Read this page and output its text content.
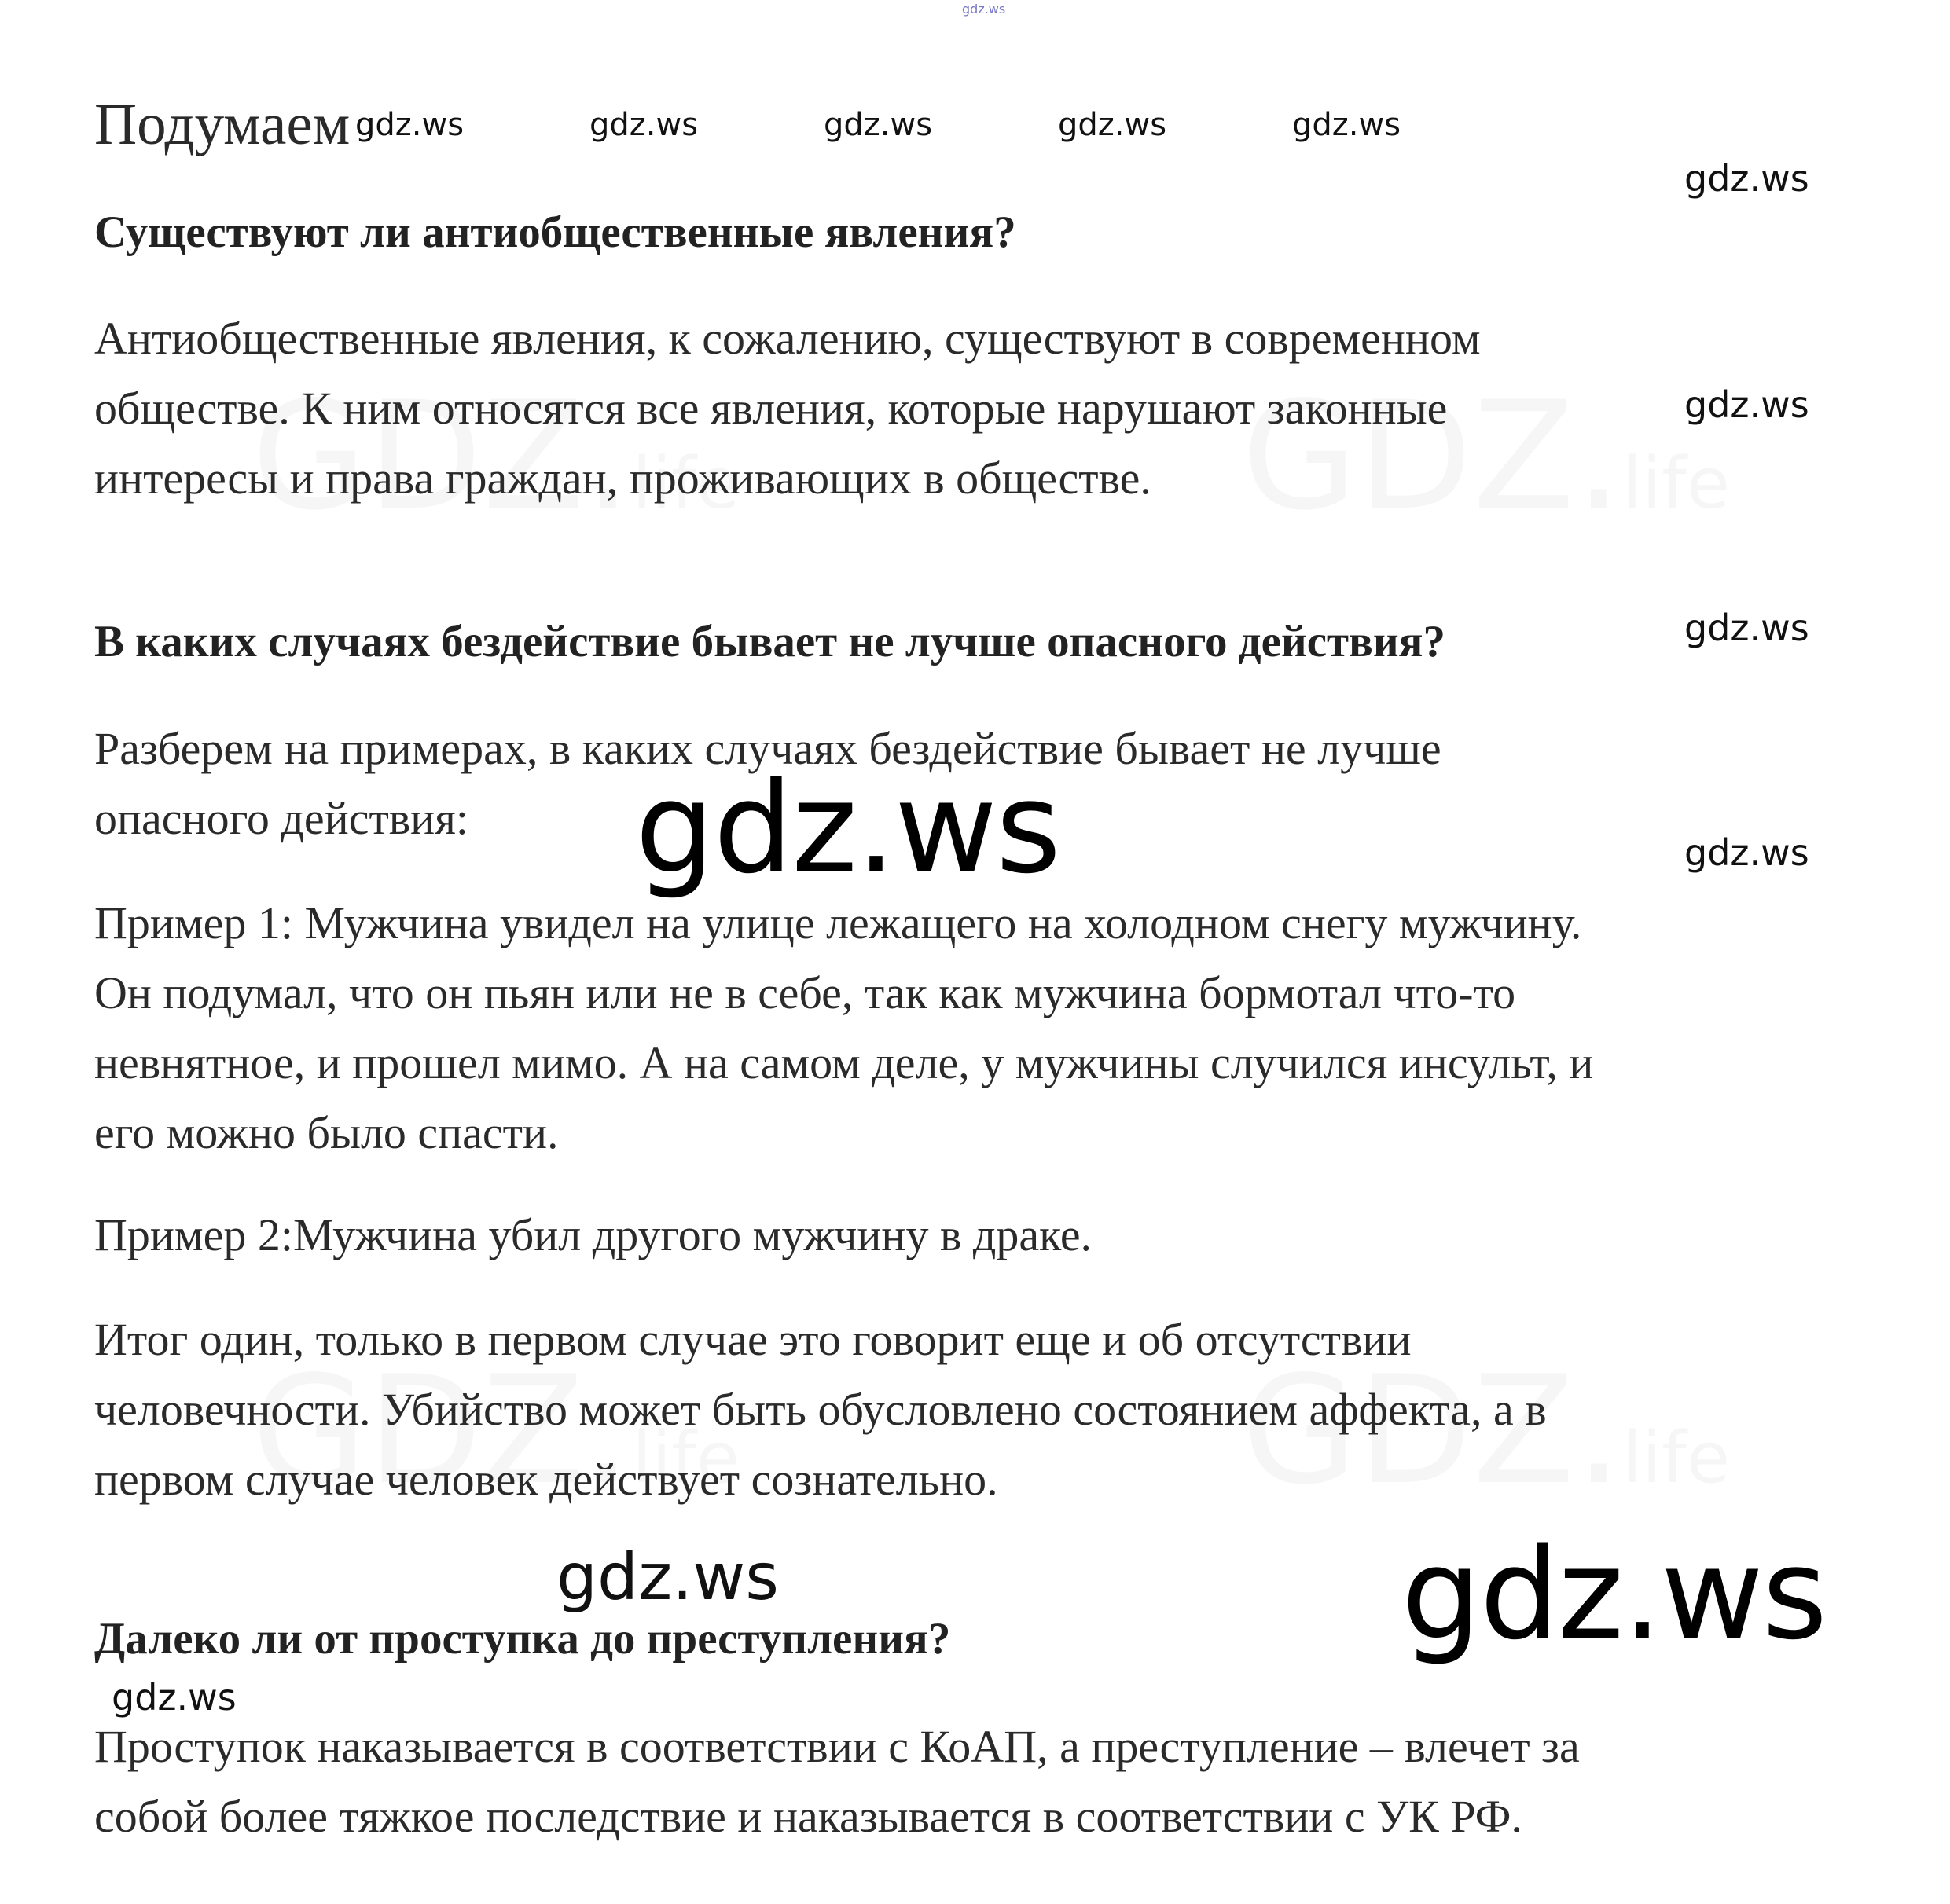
gdz.ws
Подумаем
Существуют ли антиобщественные явления?

Антиобщественные явления, к сожалению, существуют в современном
обществе. К ним относятся все явления, которые нарушают законные
интересы и права граждан, проживающих в обществе.

В каких случаях бездействие бывает не лучше опасного действия?

Разберем на примерах, в каких случаях бездействие бывает не лучше
опасного действия:

Пример 1: Мужчина увидел на улице лежащего на холодном снегу мужчину.
Он подумал, что он пьян или не в себе, так как мужчина бормотал что-то
невнятное, и прошел мимо. А на самом деле, у мужчины случился инсульт, и
его можно было спасти.

Пример 2:Мужчина убил другого мужчину в драке.

Итог один, только в первом случае это говорит еще и об отсутствии
человечности. Убийство может быть обусловлено состоянием аффекта, а в
первом случае человек действует сознательно.

Далеко ли от проступка до преступления?

Проступок наказывается в соответствии с КоАП, а преступление – влечет за
собой более тяжкое последствие и наказывается в соответствии с УК РФ.

gdz.ws	gdz.ws	gdz.ws	gdz.ws	gdz.ws
gdz.ws
gdz.ws
gdz.ws
gdz.ws
gdz.ws
gdz.ws
gdz.ws
gdz.ws
